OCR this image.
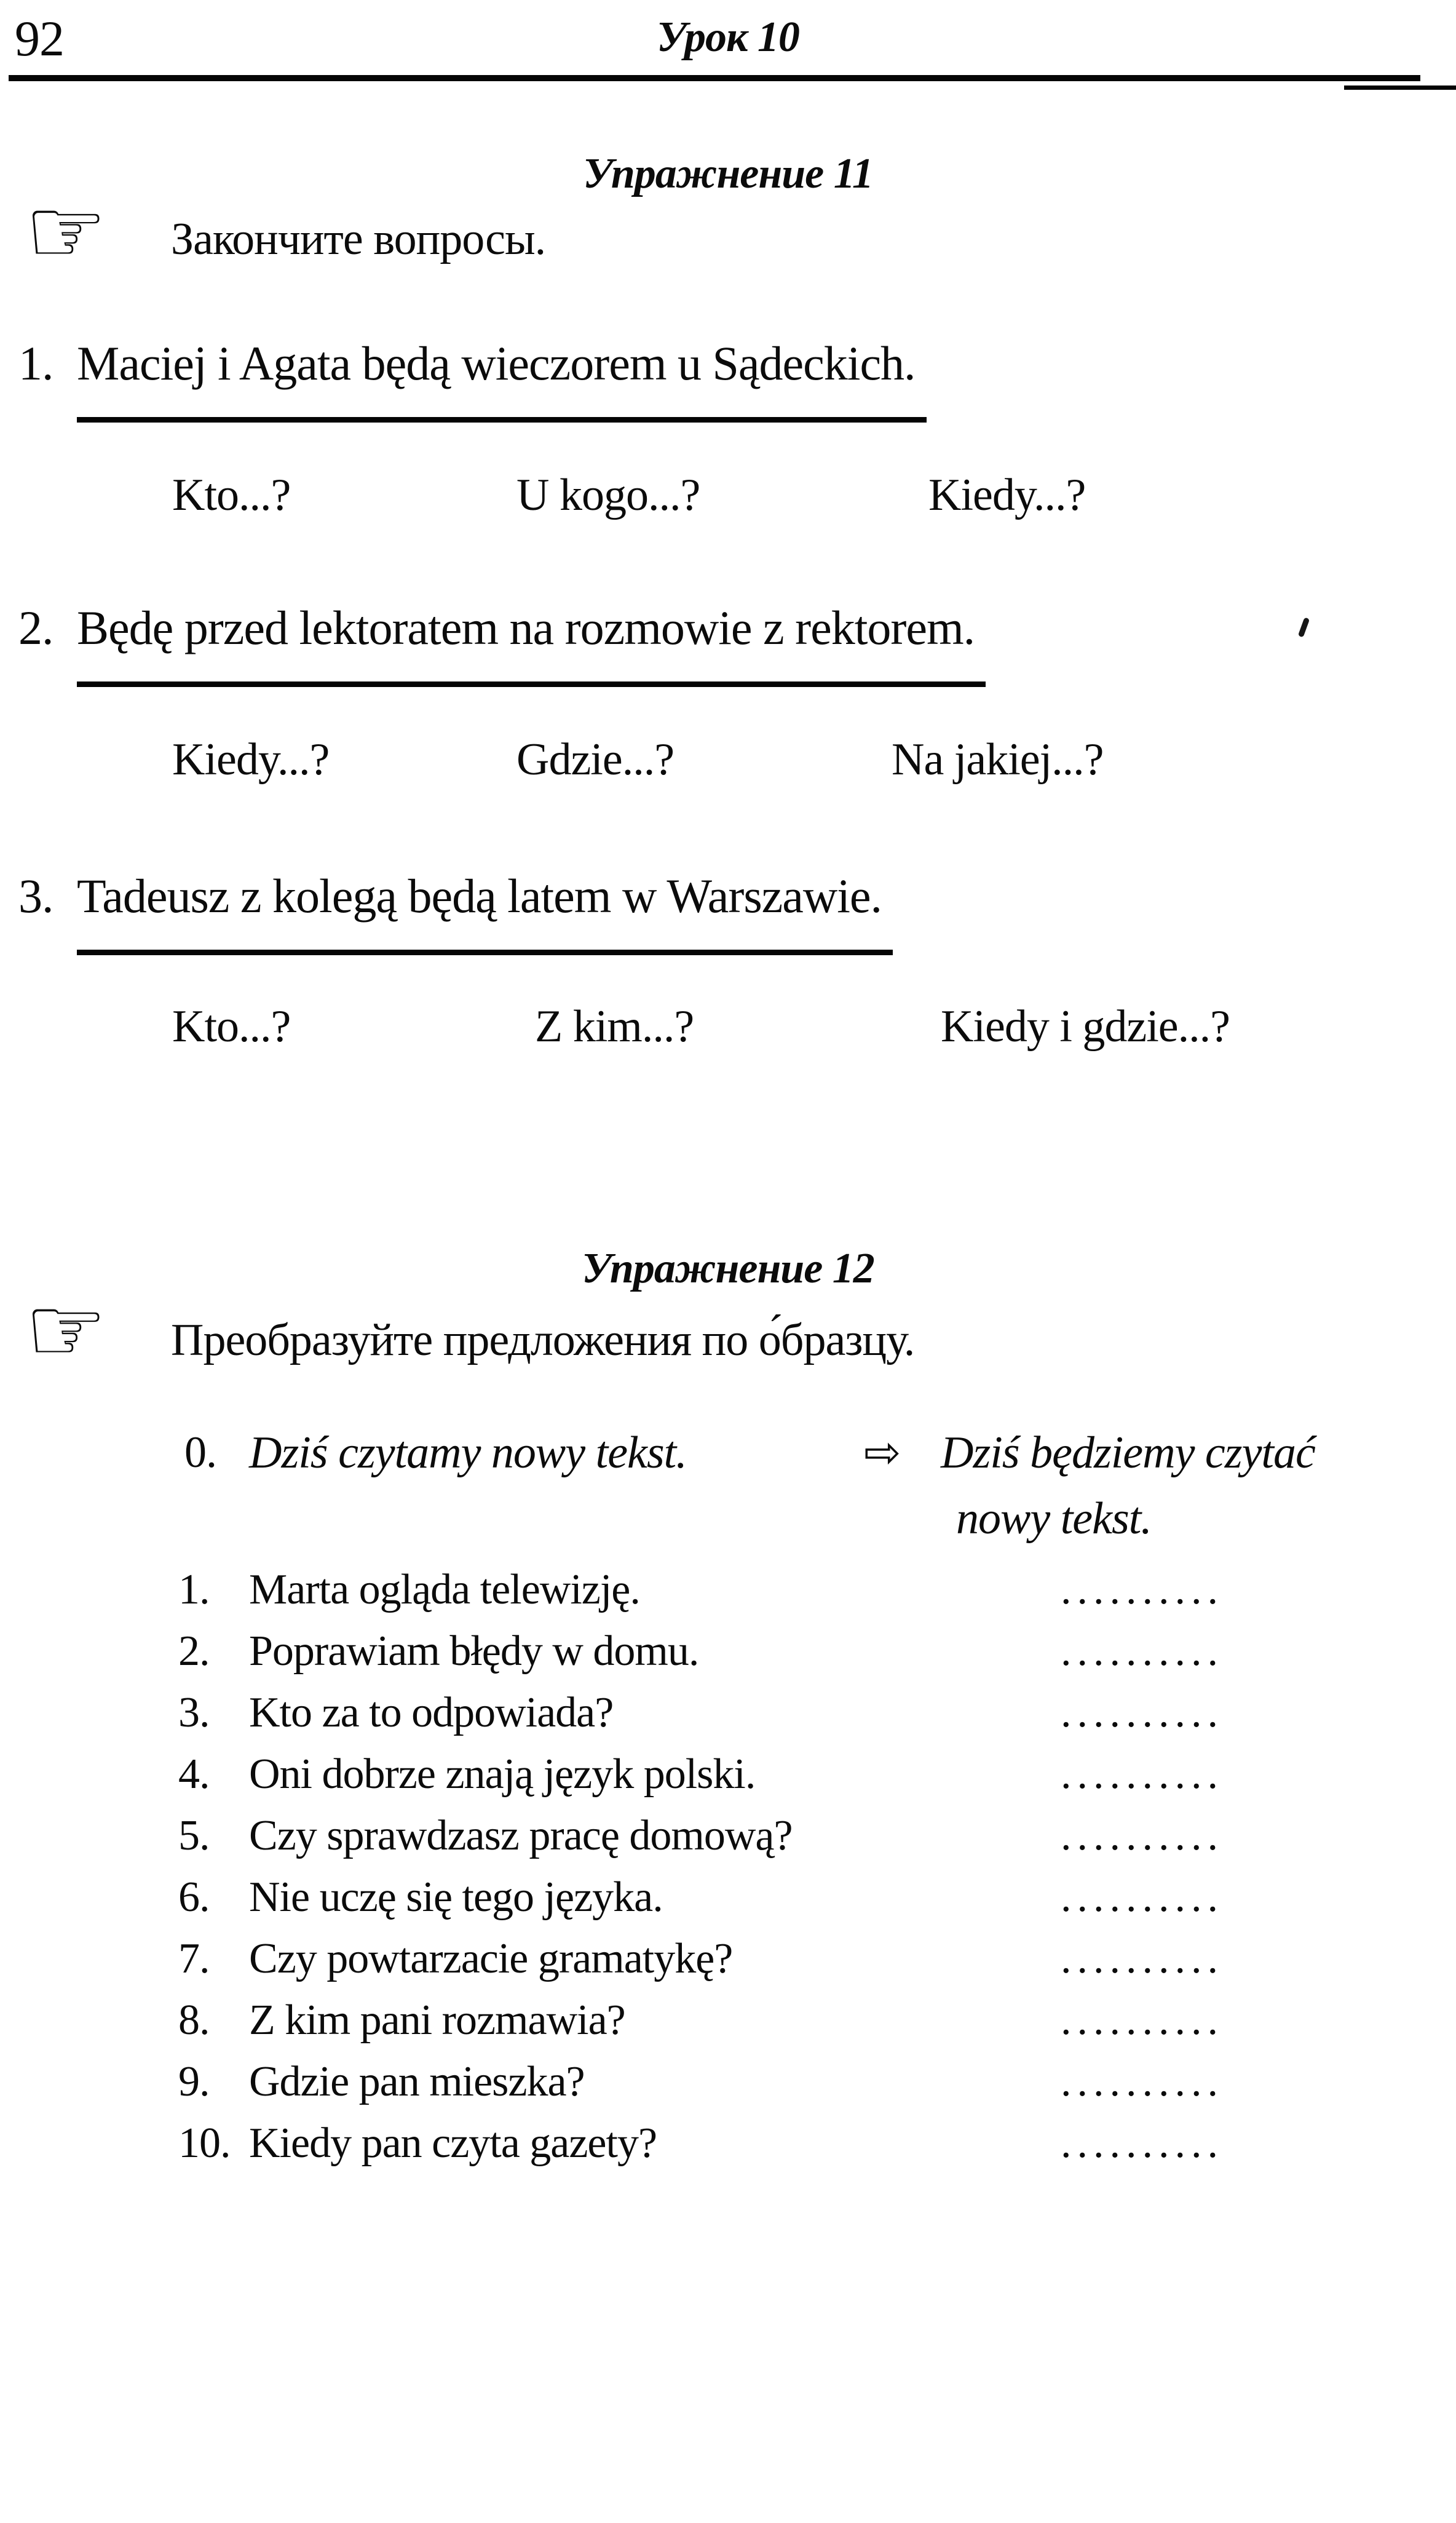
92	Урок 10
Упражнение 11
☞ Закончите вопросы.
1. Maciej i Agata będą wieczorem u Sądeckich.
Kto...?	U kogo...?	Kiedy...?
2. Będę przed lektoratem na rozmowie z rektorem.
Kiedy...?	Gdzie...?	Na jakiej...?
3. Tadeusz z kolegą będą latem w Warszawie.
Kto...?	Z kim...?	Kiedy i gdzie...?
Упражнение 12
☞ Преобразуйте предложения по о́бразцу.
0. Dziś czytamy nowy tekst.	⇨ Dziś będziemy czytać
nowy tekst.
1. Marta ogląda telewizję.	..........
2. Poprawiam błędy w domu.	..........
3. Kto za to odpowiada?	..........
4. Oni dobrze znają język polski.	..........
5. Czy sprawdzasz pracę domową?	..........
6. Nie uczę się tego języka.	..........
7. Czy powtarzacie gramatykę?	..........
8. Z kim pani rozmawia?	..........
9. Gdzie pan mieszka?	..........
10. Kiedy pan czyta gazety?	..........
